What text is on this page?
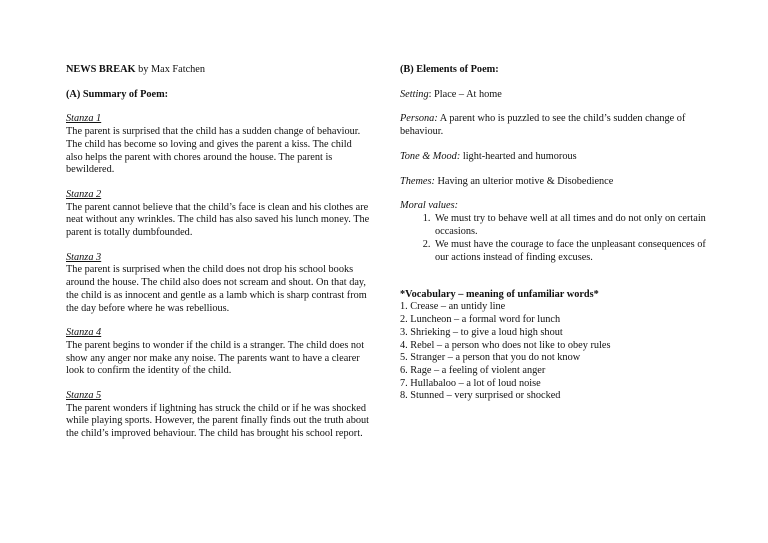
NEWS BREAK by Max Fatchen

(A) Summary of Poem:

Stanza 1
The parent is surprised that the child has a sudden change of behaviour. The child has become so loving and gives the parent a kiss. The child also helps the parent with chores around the house. The parent is bewildered.
Stanza 2
The parent cannot believe that the child’s face is clean and his clothes are neat without any wrinkles. The child has also saved his lunch money. The parent is totally dumbfounded.
Stanza 3
The parent is surprised when the child does not drop his school books around the house. The child also does not scream and shout. On that day, the child is as innocent and gentle as a lamb which is sharp contrast from the day before where he was rebellious.
Stanza 4
The parent begins to wonder if the child is a stranger. The child does not show any anger nor make any noise. The parents want to have a clearer look to confirm the identity of the child.
Stanza 5
The parent wonders if lightning has struck the child or if he was shocked while playing sports. However, the parent finally finds out the truth about the child’s improved behaviour. The child has brought his school report.

(B) Elements of Poem:

Setting: Place – At home

Persona: A parent who is puzzled to see the child’s sudden change of behaviour.

Tone & Mood: light-hearted and humorous

Themes: Having an ulterior motive & Disobedience

Moral values:
1. We must try to behave well at all times and do not only on certain occasions.
2. We must have the courage to face the unpleasant consequences of our actions instead of finding excuses.

*Vocabulary – meaning of unfamiliar words*

1. Crease – an untidy line
2. Luncheon – a formal word for lunch
3. Shrieking – to give a loud high shout
4. Rebel – a person who does not like to obey rules
5. Stranger – a person that you do not know
6. Rage – a feeling of violent anger
7. Hullabaloo – a lot of loud noise
8. Stunned – very surprised or shocked
